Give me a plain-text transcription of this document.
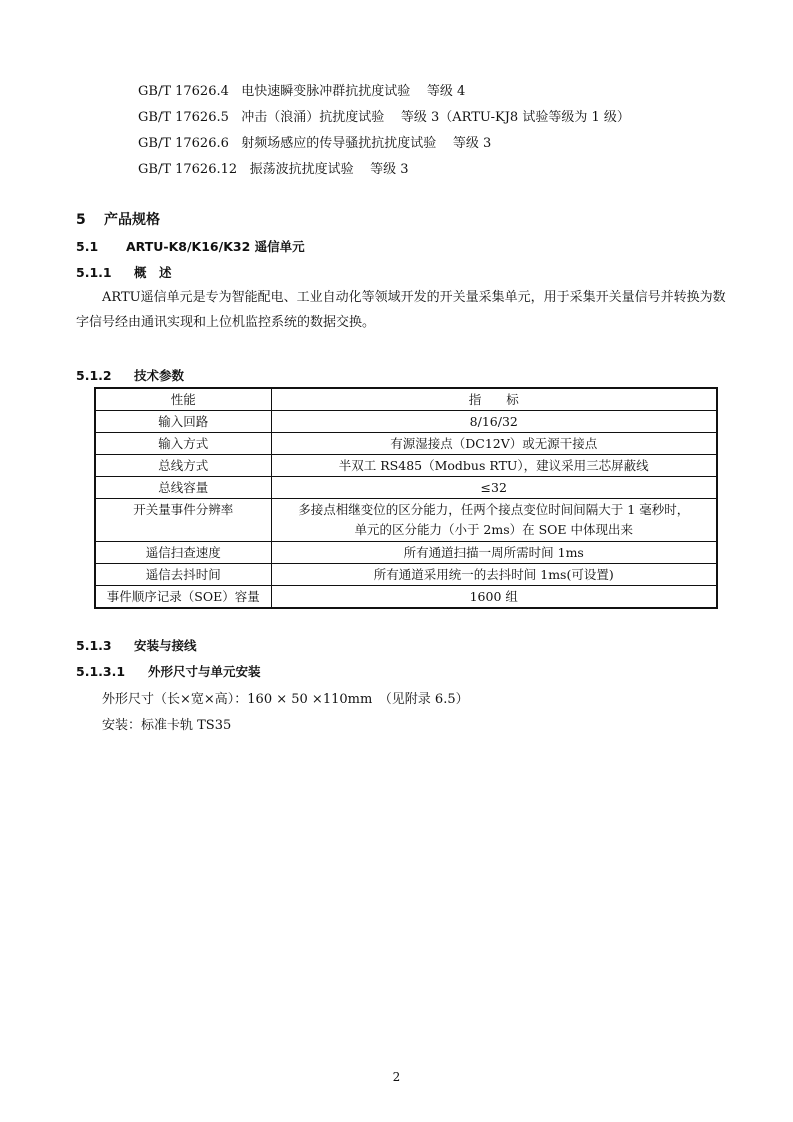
GB/T 17626.4 电快速瞬变脉冲群抗扰度试验 等级 4
GB/T 17626.5 冲击（浪涌）抗扰度试验 等级 3（ARTU-KJ8 试验等级为 1 级）
GB/T 17626.6 射频场感应的传导骚扰抗扰度试验 等级 3
GB/T 17626.12 振荡波抗扰度试验 等级 3
5 产品规格
5.1 ARTU-K8/K16/K32 遥信单元
5.1.1 概　述
ARTU遥信单元是专为智能配电、工业自动化等领域开发的开关量采集单元，用于采集开关量信号并转换为数字信号经由通讯实现和上位机监控系统的数据交换。
5.1.2 技术参数
性能	指　　标
输入回路	8/16/32
输入方式	有源湿接点（DC12V）或无源干接点
总线方式	半双工 RS485（Modbus RTU），建议采用三芯屏蔽线
总线容量	≤32
开关量事件分辨率	多接点相继变位的区分能力，任两个接点变位时间间隔大于 1 毫秒时，
单元的区分能力（小于 2ms）在 SOE 中体现出来

遥信扫查速度	所有通道扫描一周所需时间 1ms
遥信去抖时间	所有通道采用统一的去抖时间 1ms(可设置)
事件顺序记录（SOE）容量	1600 组
5.1.3 安装与接线
5.1.3.1 外形尺寸与单元安装
外形尺寸（长×宽×高）：160 × 50 ×110mm　（见附录 6.5）
安装：标准卡轨 TS35
2
